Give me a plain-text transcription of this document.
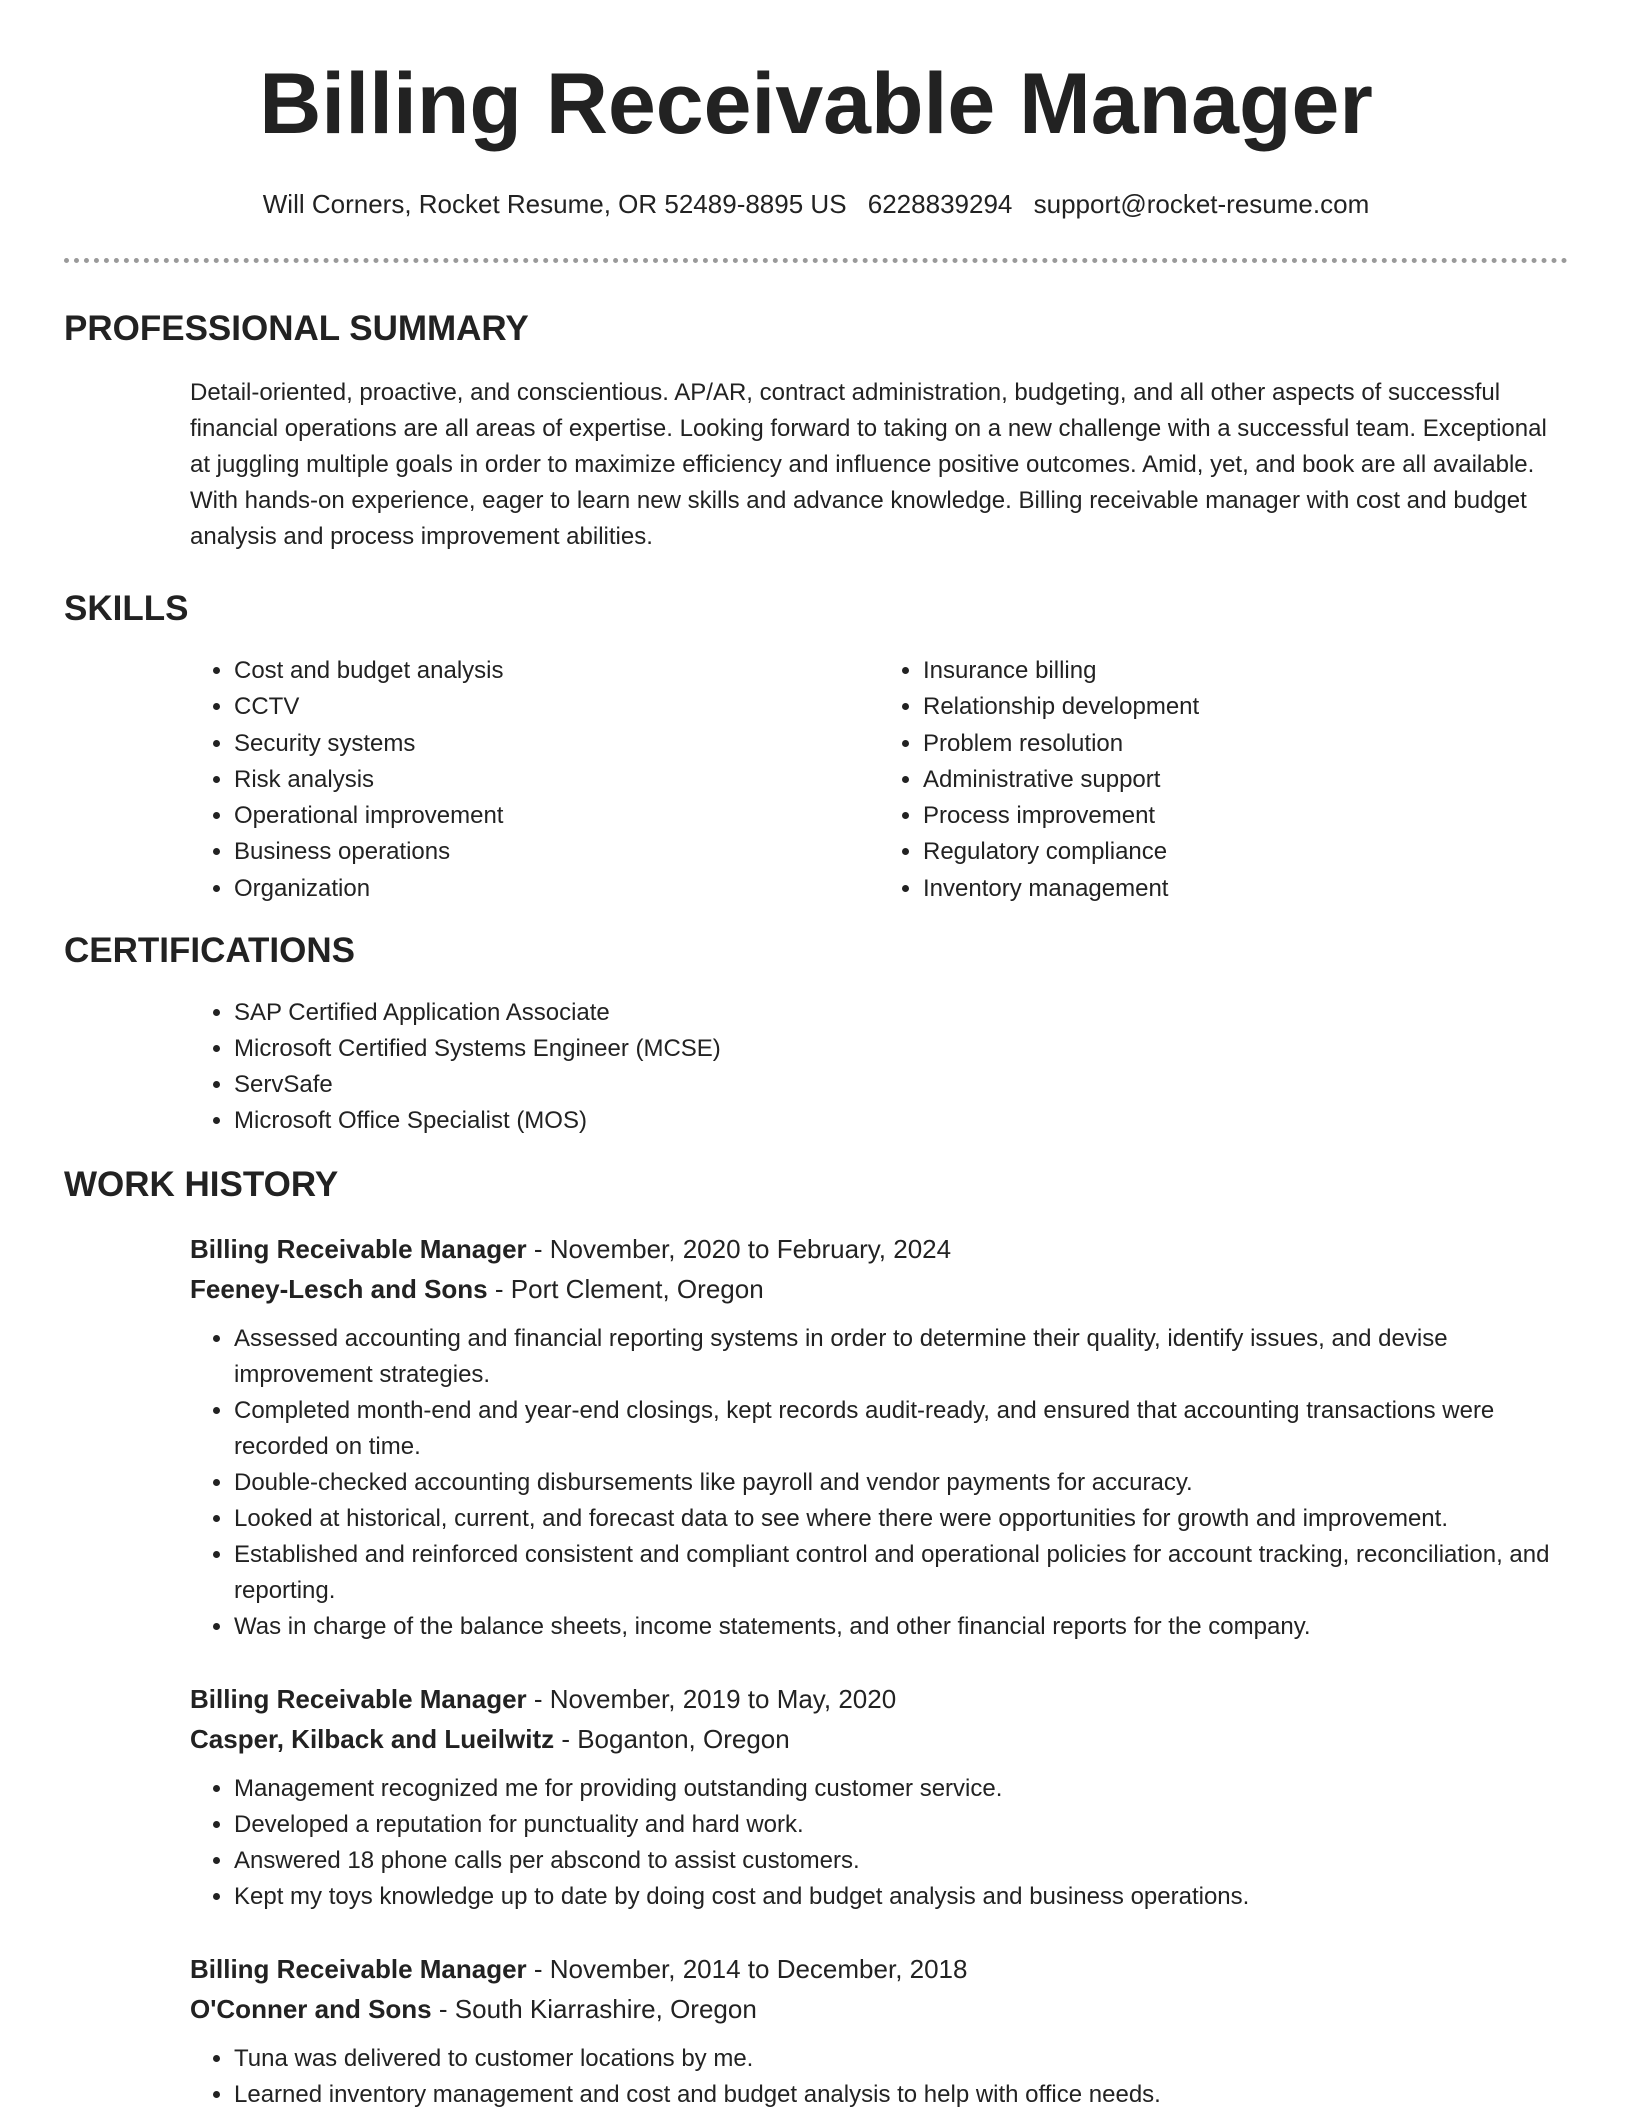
Billing Receivable Manager
Will Corners, Rocket Resume, OR 52489-8895 US 6228839294 support@rocket-resume.com
PROFESSIONAL SUMMARY

Detail-oriented, proactive, and conscientious. AP/AR, contract administration, budgeting, and all other aspects of successful financial operations are all areas of expertise. Looking forward to taking on a new challenge with a successful team. Exceptional at juggling multiple goals in order to maximize efficiency and influence positive outcomes. Amid, yet, and book are all available. With hands-on experience, eager to learn new skills and advance knowledge. Billing receivable manager with cost and budget analysis and process improvement abilities.

SKILLS
• Cost and budget analysis
• CCTV
• Security systems
• Risk analysis
• Operational improvement
• Business operations
• Organization
• Insurance billing
• Relationship development
• Problem resolution
• Administrative support
• Process improvement
• Regulatory compliance
• Inventory management
CERTIFICATIONS
• SAP Certified Application Associate
• Microsoft Certified Systems Engineer (MCSE)
• ServSafe
• Microsoft Office Specialist (MOS)
WORK HISTORY
Billing Receivable Manager - November, 2020 to February, 2024
Feeney-Lesch and Sons - Port Clement, Oregon
• Assessed accounting and financial reporting systems in order to determine their quality, identify issues, and devise improvement strategies.
• Completed month-end and year-end closings, kept records audit-ready, and ensured that accounting transactions were recorded on time.
• Double-checked accounting disbursements like payroll and vendor payments for accuracy.
• Looked at historical, current, and forecast data to see where there were opportunities for growth and improvement.
• Established and reinforced consistent and compliant control and operational policies for account tracking, reconciliation, and reporting.
• Was in charge of the balance sheets, income statements, and other financial reports for the company.
Billing Receivable Manager - November, 2019 to May, 2020
Casper, Kilback and Lueilwitz - Boganton, Oregon
• Management recognized me for providing outstanding customer service.
• Developed a reputation for punctuality and hard work.
• Answered 18 phone calls per abscond to assist customers.
• Kept my toys knowledge up to date by doing cost and budget analysis and business operations.
Billing Receivable Manager - November, 2014 to December, 2018
O'Conner and Sons - South Kiarrashire, Oregon
• Tuna was delivered to customer locations by me.
• Learned inventory management and cost and budget analysis to help with office needs.
